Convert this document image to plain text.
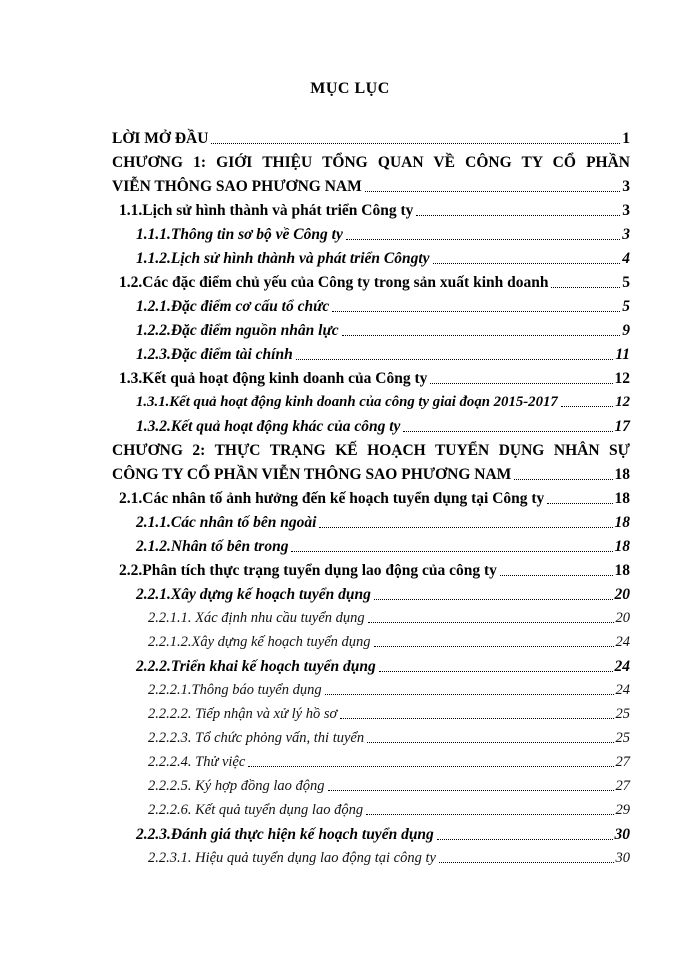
MỤC LỤC
LỜI MỞ ĐẦU	1
CHƯƠNG 1: GIỚI THIỆU TỔNG QUAN VỀ CÔNG TY CỔ PHẦN
VIỄN THÔNG SAO PHƯƠNG NAM	3
1.1.Lịch sử hình thành và phát triển Công ty	3
1.1.1.Thông tin sơ bộ về Công ty	3
1.1.2.Lịch sử hình thành và phát triển Côngty	4
1.2.Các đặc điểm chủ yếu của Công ty trong sản xuất kinh doanh	5
1.2.1.Đặc điểm cơ cấu tổ chức	5
1.2.2.Đặc điểm nguồn nhân lực	9
1.2.3.Đặc điểm tài chính	11
1.3.Kết quả hoạt động kinh doanh của Công ty	12
1.3.1.Kết quả hoạt động kinh doanh của công ty giai đoạn 2015-2017	12
1.3.2.Kết quả hoạt động khác của công ty	17
CHƯƠNG 2: THỰC TRẠNG KẾ HOẠCH TUYỂN DỤNG NHÂN SỰ
CÔNG TY CỔ PHẦN VIỄN THÔNG SAO PHƯƠNG NAM	18
2.1.Các nhân tố ảnh hưởng đến kế hoạch tuyển dụng tại Công ty	18
2.1.1.Các nhân tố bên ngoài	18
2.1.2.Nhân tố bên trong	18
2.2.Phân tích thực trạng tuyển dụng lao động của công ty	18
2.2.1.Xây dựng kế hoạch tuyển dụng	20
2.2.1.1. Xác định nhu cầu tuyển dụng	20
2.2.1.2.Xây dựng kế hoạch tuyển dụng	24
2.2.2.Triển khai kế hoạch tuyển dụng	24
2.2.2.1.Thông báo tuyển dụng	24
2.2.2.2. Tiếp nhận và xử lý hồ sơ	25
2.2.2.3. Tổ chức phỏng vấn, thi tuyển	25
2.2.2.4. Thử việc	27
2.2.2.5. Ký hợp đồng lao động	27
2.2.2.6. Kết quả tuyển dụng lao động	29
2.2.3.Đánh giá thực hiện kế hoạch tuyển dụng	30
2.2.3.1. Hiệu quả tuyển dụng lao động tại công ty	30
